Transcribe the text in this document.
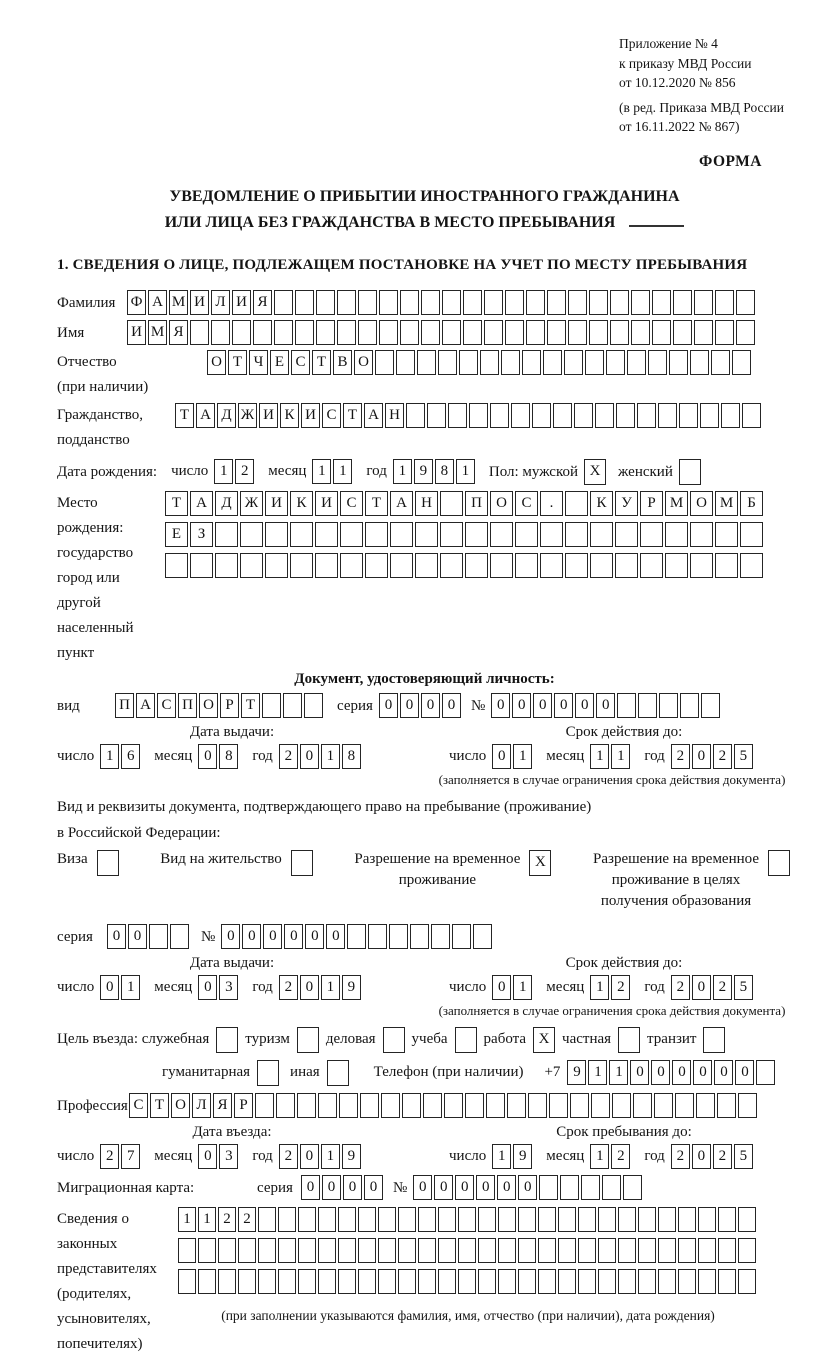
Приложение № 4
к приказу МВД России
от 10.12.2020 № 856
(в ред. Приказа МВД России
от 16.11.2022 № 867)
ФОРМА
УВЕДОМЛЕНИЕ О ПРИБЫТИИ ИНОСТРАННОГО ГРАЖДАНИНА
ИЛИ ЛИЦА БЕЗ ГРАЖДАНСТВА В МЕСТО ПРЕБЫВАНИЯ
1. СВЕДЕНИЯ О ЛИЦЕ, ПОДЛЕЖАЩЕМ ПОСТАНОВКЕ НА УЧЕТ ПО МЕСТУ ПРЕБЫВАНИЯ
Фамилия	Ф А М И Л И Я
Имя	И М Я
Отчество
(при наличии)
О Т Ч Е С Т В О
Гражданство,
подданство
Т А Д Ж И К И С Т А Н
Дата рождения: число 1 2	месяц 1 1	год 1 9 8 1	Пол: мужской X	женский
Место рождения:
государство
город или другой
населенный пункт
Т	А Д Ж И К И С	Т	А Н	П О С	.	К У	Р М О М Б
Е	З
Документ, удостоверяющий личность:
вид	П А С П О Р Т	серия 0 0 0 0	№ 0 0 0 0 0 0
Дата выдачи:
число 1 6	месяц 0 8	год 2 0 1 8
Срок действия до:
число 0 1	месяц 1 1	год 2 0 2 5
(заполняется в случае ограничения срока действия документа)
Вид и реквизиты документа, подтверждающего право на пребывание (проживание)
в Российской Федерации:
Виза	Вид на жительство	Разрешение на временное
проживание
X	Разрешение на временное
проживание в целях
получения образования
серия	0 0	№ 0 0 0 0 0 0
Дата выдачи:
число 0 1	месяц 0 3	год 2 0 1 9
Срок действия до:
число 0 1	месяц 1 2	год 2 0 2 5
(заполняется в случае ограничения срока действия документа)
Цель въезда: служебная туризм деловая учеба работа X частная транзит
гуманитарная	иная	Телефон (при наличии) +7 9 1 1 0 0 0 0 0 0
Профессия С Т О Л Я Р
Дата въезда:
число 2 7	месяц 0 3	год 2 0 1 9
Срок пребывания до:
число 1 9	месяц 1 2	год 2 0 2 5
Миграционная карта:	серия 0 0 0 0	№ 0 0 0 0 0 0
Сведения о
законных
представителях
(родителях,
усыновителях,
попечителях)
1 1 2 2
(при заполнении указываются фамилия, имя, отчество (при наличии), дата рождения)
